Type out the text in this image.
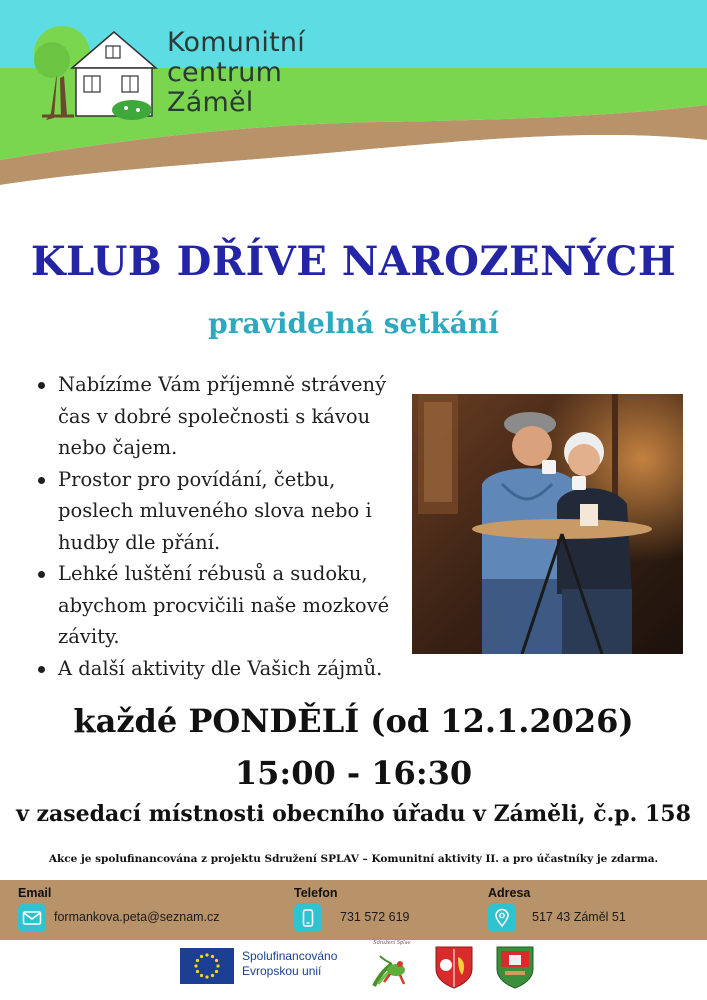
Komunitní
centrum
Záměl
KLUB DŘÍVE NAROZENÝCH
pravidelná setkání
Nabízíme Vám příjemně strávený čas v dobré společnosti s kávou nebo čajem.
Prostor pro povídání, četbu, poslech mluveného slova nebo i hudby dle přání.
Lehké luštění rébusů a sudoku, abychom procvičili naše mozkové závity.
A další aktivity dle Vašich zájmů.
každé PONDĚLÍ (od 12.1.2026)
15:00 - 16:30
v zasedací místnosti obecního úřadu v Záměli, č.p. 158
Akce je spolufinancována z projektu Sdružení SPLAV – Komunitní aktivity II. a pro účastníky je zdarma.
Email
formankova.peta@seznam.cz
Telefon
731 572 619
Adresa
517 43 Záměl 51
Spolufinancováno
Evropskou unií
Sdružení Splav
